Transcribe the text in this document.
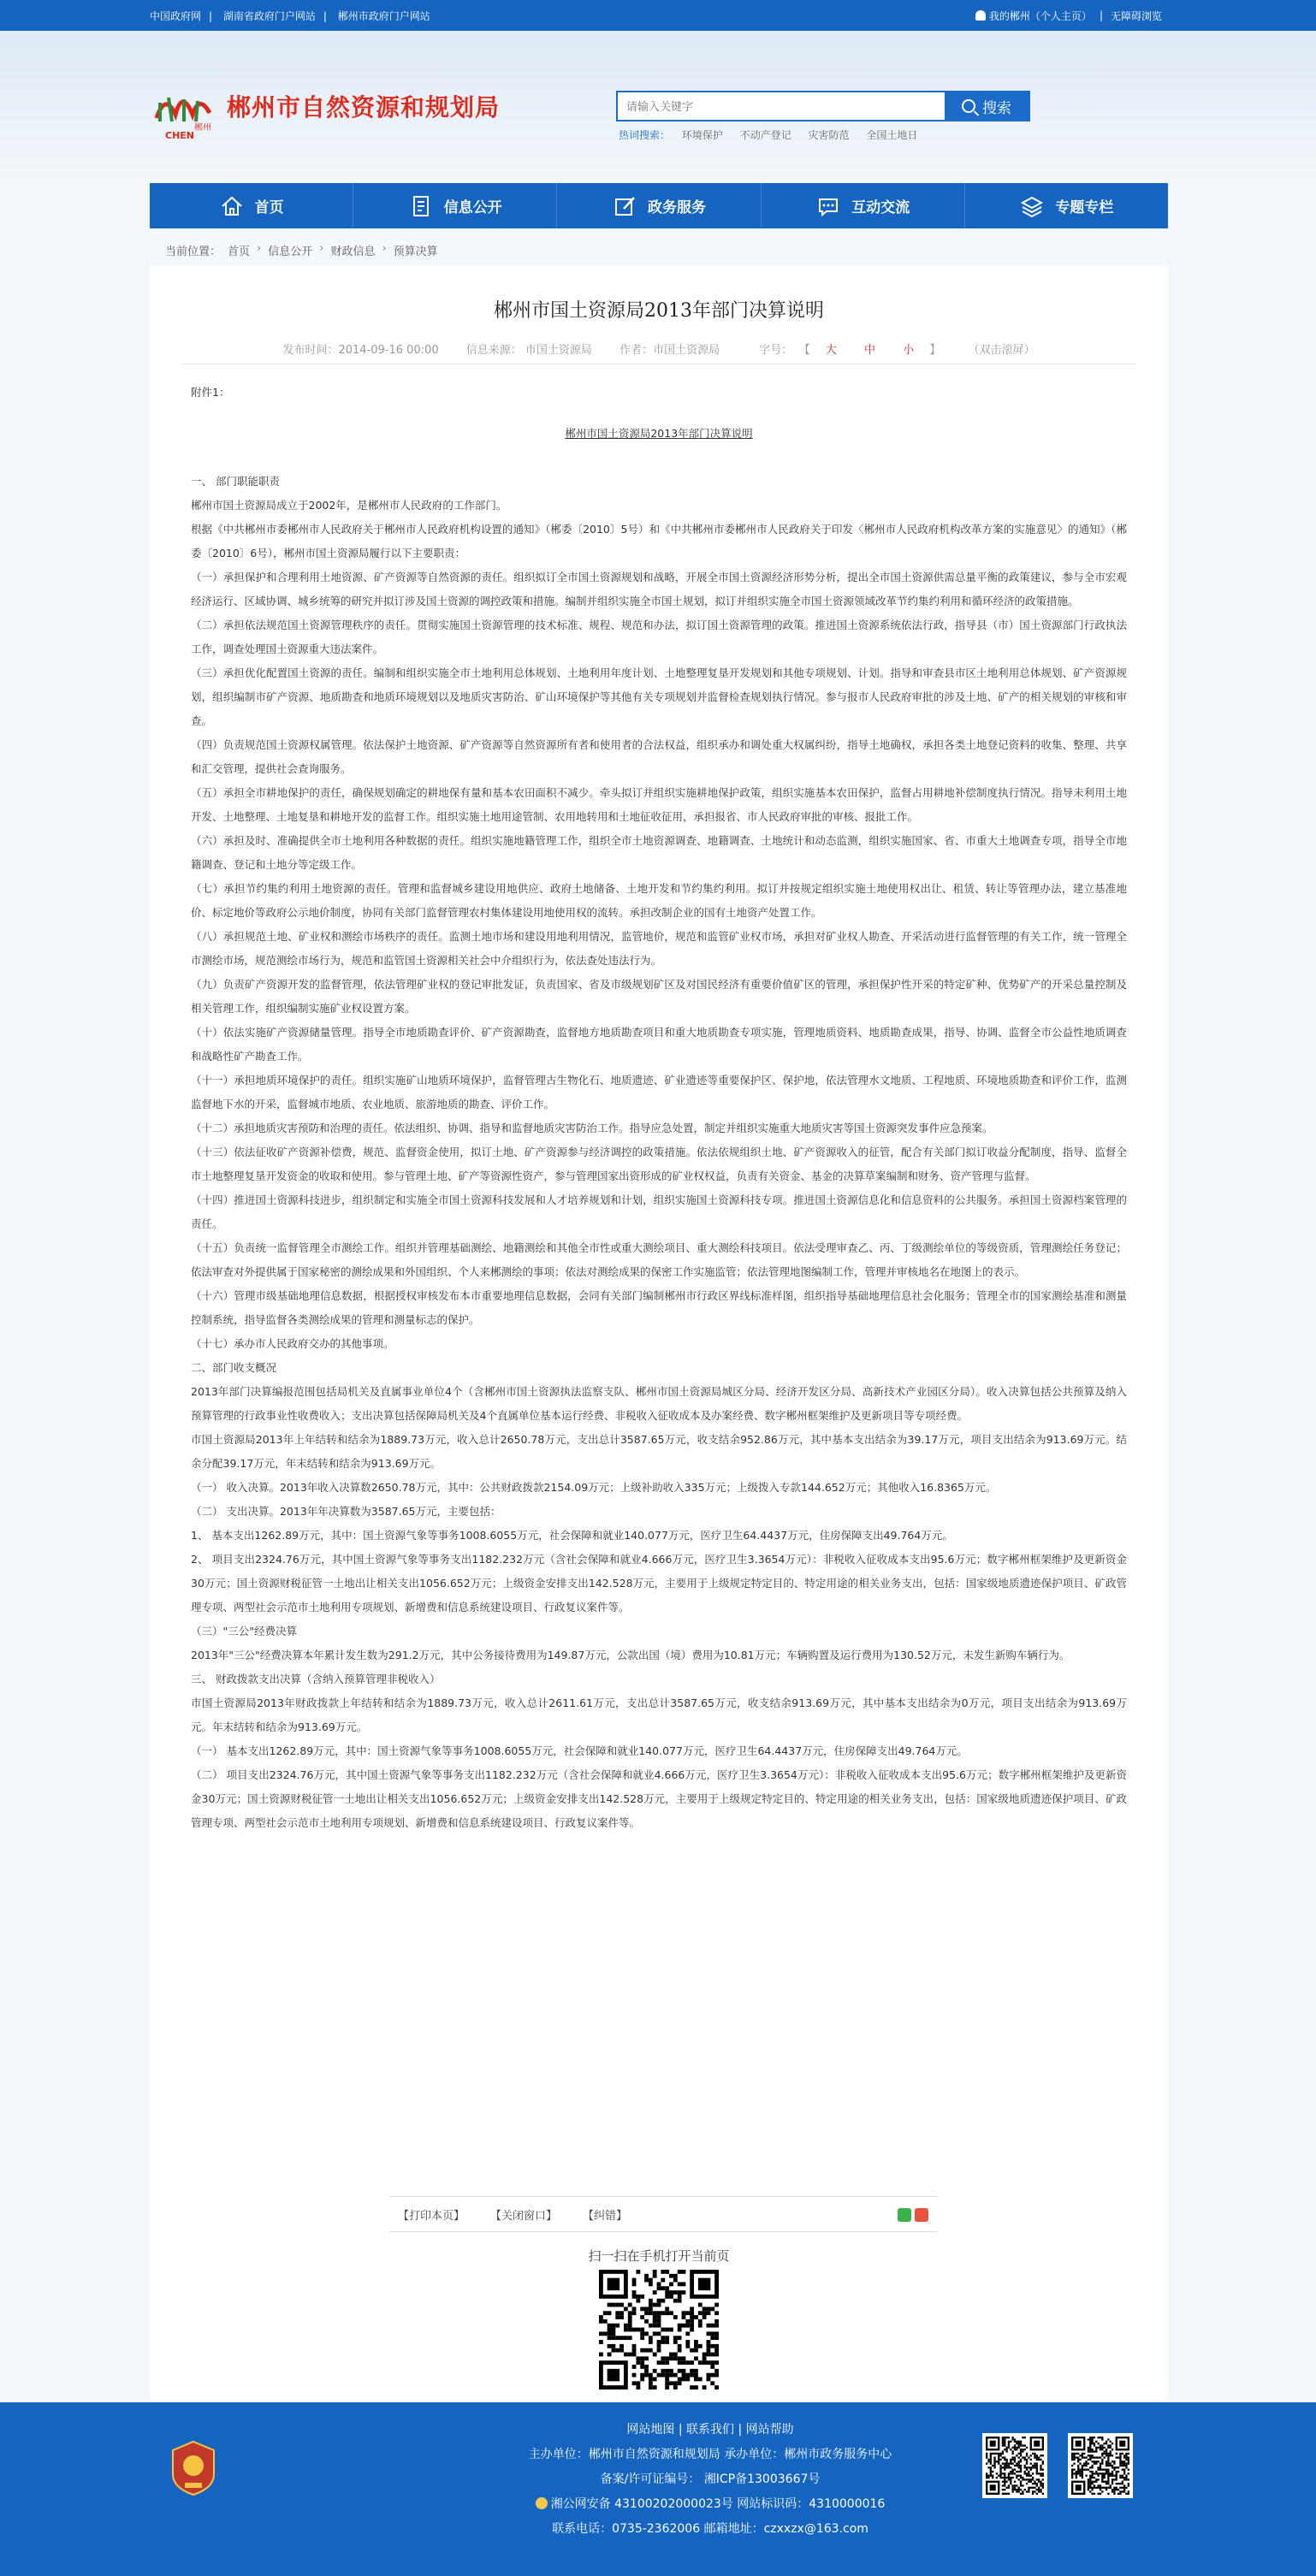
中国政府网 | 湖南省政府门户网站 | 郴州市政府门户网站	我的郴州（个人主页） | 无障碍浏览
郴州
CHEN
郴州市自然资源和规划局
请输入关键字	搜索
热词搜索： 环境保护 不动产登记 灾害防范 全国土地日
首页	信息公开	政务服务	互动交流	专题专栏
当前位置： 首页 › 信息公开 › 财政信息 › 预算决算
郴州市国土资源局2013年部门决算说明
发布时间：2014-09-16 00:00 信息来源： 市国土资源局 作者：市国土资源局	字号： 【 大 中 小 】 （双击滚屏）

附件1：

郴州市国土资源局2013年部门决算说明

一、 部门职能职责

郴州市国土资源局成立于2002年，是郴州市人民政府的工作部门。

根据《中共郴州市委郴州市人民政府关于郴州市人民政府机构设置的通知》（郴委〔2010〕5号）和《中共郴州市委郴州市人民政府关于印发〈郴州市人民政府机构改革方案的实施意见〉的通知》（郴委〔2010〕6号），郴州市国土资源局履行以下主要职责：

（一）承担保护和合理利用土地资源、矿产资源等自然资源的责任。组织拟订全市国土资源规划和战略，开展全市国土资源经济形势分析，提出全市国土资源供需总量平衡的政策建议，参与全市宏观经济运行、区域协调、城乡统筹的研究并拟订涉及国土资源的调控政策和措施。编制并组织实施全市国土规划，拟订并组织实施全市国土资源领域改革节约集约利用和循环经济的政策措施。

（二）承担依法规范国土资源管理秩序的责任。贯彻实施国土资源管理的技术标准、规程、规范和办法，拟订国土资源管理的政策。推进国土资源系统依法行政，指导县（市）国土资源部门行政执法工作，调查处理国土资源重大违法案件。

（三）承担优化配置国土资源的责任。编制和组织实施全市土地利用总体规划、土地利用年度计划、土地整理复垦开发规划和其他专项规划、计划。指导和审查县市区土地利用总体规划、矿产资源规划，组织编制市矿产资源、地质勘查和地质环境规划以及地质灾害防治、矿山环境保护等其他有关专项规划并监督检查规划执行情况。参与报市人民政府审批的涉及土地、矿产的相关规划的审核和审查。

（四）负责规范国土资源权属管理。依法保护土地资源、矿产资源等自然资源所有者和使用者的合法权益，组织承办和调处重大权属纠纷，指导土地确权，承担各类土地登记资料的收集、整理、共享和汇交管理，提供社会查询服务。

（五）承担全市耕地保护的责任，确保规划确定的耕地保有量和基本农田面积不减少。牵头拟订并组织实施耕地保护政策，组织实施基本农田保护，监督占用耕地补偿制度执行情况。指导未利用土地开发、土地整理、土地复垦和耕地开发的监督工作。组织实施土地用途管制、农用地转用和土地征收征用，承担报省、市人民政府审批的审核、报批工作。

（六）承担及时、准确提供全市土地利用各种数据的责任。组织实施地籍管理工作，组织全市土地资源调查、地籍调查、土地统计和动态监测，组织实施国家、省、市重大土地调查专项，指导全市地籍调查、登记和土地分等定级工作。

（七）承担节约集约利用土地资源的责任。管理和监督城乡建设用地供应、政府土地储备、土地开发和节约集约利用。拟订并按规定组织实施土地使用权出让、租赁、转让等管理办法，建立基准地价、标定地价等政府公示地价制度，协同有关部门监督管理农村集体建设用地使用权的流转。承担改制企业的国有土地资产处置工作。

（八）承担规范土地、矿业权和测绘市场秩序的责任。监测土地市场和建设用地利用情况，监管地价，规范和监管矿业权市场，承担对矿业权人勘查、开采活动进行监督管理的有关工作，统一管理全市测绘市场，规范测绘市场行为，规范和监管国土资源相关社会中介组织行为，依法查处违法行为。

（九）负责矿产资源开发的监督管理，依法管理矿业权的登记审批发证，负责国家、省及市级规划矿区及对国民经济有重要价值矿区的管理，承担保护性开采的特定矿种、优势矿产的开采总量控制及相关管理工作，组织编制实施矿业权设置方案。

（十）依法实施矿产资源储量管理。指导全市地质勘查评价、矿产资源勘查，监督地方地质勘查项目和重大地质勘查专项实施，管理地质资料、地质勘查成果，指导、协调、监督全市公益性地质调查和战略性矿产勘查工作。

（十一）承担地质环境保护的责任。组织实施矿山地质环境保护，监督管理古生物化石、地质遗迹、矿业遗迹等重要保护区、保护地，依法管理水文地质、工程地质、环境地质勘查和评价工作，监测监督地下水的开采，监督城市地质、农业地质、旅游地质的勘查、评价工作。

（十二）承担地质灾害预防和治理的责任。依法组织、协调、指导和监督地质灾害防治工作。指导应急处置，制定并组织实施重大地质灾害等国土资源突发事件应急预案。

（十三）依法征收矿产资源补偿费，规范、监督资金使用，拟订土地、矿产资源参与经济调控的政策措施。依法依规组织土地、矿产资源收入的征管，配合有关部门拟订收益分配制度，指导、监督全市土地整理复垦开发资金的收取和使用。参与管理土地、矿产等资源性资产，参与管理国家出资形成的矿业权权益，负责有关资金、基金的决算草案编制和财务、资产管理与监督。

（十四）推进国土资源科技进步，组织制定和实施全市国土资源科技发展和人才培养规划和计划，组织实施国土资源科技专项。推进国土资源信息化和信息资料的公共服务。承担国土资源档案管理的责任。

（十五）负责统一监督管理全市测绘工作。组织并管理基础测绘、地籍测绘和其他全市性或重大测绘项目、重大测绘科技项目。依法受理审查乙、丙、丁级测绘单位的等级资质，管理测绘任务登记；依法审查对外提供属于国家秘密的测绘成果和外国组织、个人来郴测绘的事项；依法对测绘成果的保密工作实施监管；依法管理地图编制工作，管理并审核地名在地图上的表示。

（十六）管理市级基础地理信息数据，根据授权审核发布本市重要地理信息数据，会同有关部门编制郴州市行政区界线标准样图，组织指导基础地理信息社会化服务；管理全市的国家测绘基准和测量控制系统，指导监督各类测绘成果的管理和测量标志的保护。

（十七）承办市人民政府交办的其他事项。

二、部门收支概况

2013年部门决算编报范围包括局机关及直属事业单位4个（含郴州市国土资源执法监察支队、郴州市国土资源局城区分局、经济开发区分局、高新技术产业园区分局）。收入决算包括公共预算及纳入预算管理的行政事业性收费收入；支出决算包括保障局机关及4个直属单位基本运行经费、非税收入征收成本及办案经费、数字郴州框架维护及更新项目等专项经费。

市国土资源局2013年上年结转和结余为1889.73万元，收入总计2650.78万元，支出总计3587.65万元，收支结余952.86万元，其中基本支出结余为39.17万元，项目支出结余为913.69万元。结余分配39.17万元，年末结转和结余为913.69万元。

（一） 收入决算。2013年收入决算数2650.78万元，其中：公共财政拨款2154.09万元；上级补助收入335万元；上级拨入专款144.652万元；其他收入16.8365万元。

（二） 支出决算。2013年年决算数为3587.65万元，主要包括：

1、 基本支出1262.89万元，其中：国土资源气象等事务1008.6055万元，社会保障和就业140.077万元，医疗卫生64.4437万元，住房保障支出49.764万元。

2、 项目支出2324.76万元，其中国土资源气象等事务支出1182.232万元（含社会保障和就业4.666万元，医疗卫生3.3654万元）：非税收入征收成本支出95.6万元；数字郴州框架维护及更新资金30万元；国土资源财税征管一土地出让相关支出1056.652万元；上级资金安排支出142.528万元，主要用于上级规定特定目的、特定用途的相关业务支出，包括：国家级地质遗迹保护项目、矿政管理专项、两型社会示范市土地利用专项规划、新增费和信息系统建设项目、行政复议案件等。

（三）"三公"经费决算

2013年"三公"经费决算本年累计发生数为291.2万元，其中公务接待费用为149.87万元，公款出国（境）费用为10.81万元；车辆购置及运行费用为130.52万元，未发生新购车辆行为。

三、 财政拨款支出决算（含纳入预算管理非税收入）

市国土资源局2013年财政拨款上年结转和结余为1889.73万元，收入总计2611.61万元，支出总计3587.65万元，收支结余913.69万元，其中基本支出结余为0万元，项目支出结余为913.69万元。年末结转和结余为913.69万元。

（一） 基本支出1262.89万元，其中：国土资源气象等事务1008.6055万元，社会保障和就业140.077万元，医疗卫生64.4437万元，住房保障支出49.764万元。

（二） 项目支出2324.76万元，其中国土资源气象等事务支出1182.232万元（含社会保障和就业4.666万元，医疗卫生3.3654万元）：非税收入征收成本支出95.6万元；数字郴州框架维护及更新资金30万元；国土资源财税征管一土地出让相关支出1056.652万元；上级资金安排支出142.528万元，主要用于上级规定特定目的、特定用途的相关业务支出，包括：国家级地质遗迹保护项目、矿政管理专项、两型社会示范市土地利用专项规划、新增费和信息系统建设项目、行政复议案件等。

【打印本页】 【关闭窗口】 【纠错】
扫一扫在手机打开当前页
网站地图 | 联系我们 | 网站帮助
主办单位：郴州市自然资源和规划局 承办单位：郴州市政务服务中心
备案/许可证编号： 湘ICP备13003667号
湘公网安备 43100202000023号 网站标识码：4310000016
联系电话：0735-2362006 邮箱地址：czxxzx@163.com
